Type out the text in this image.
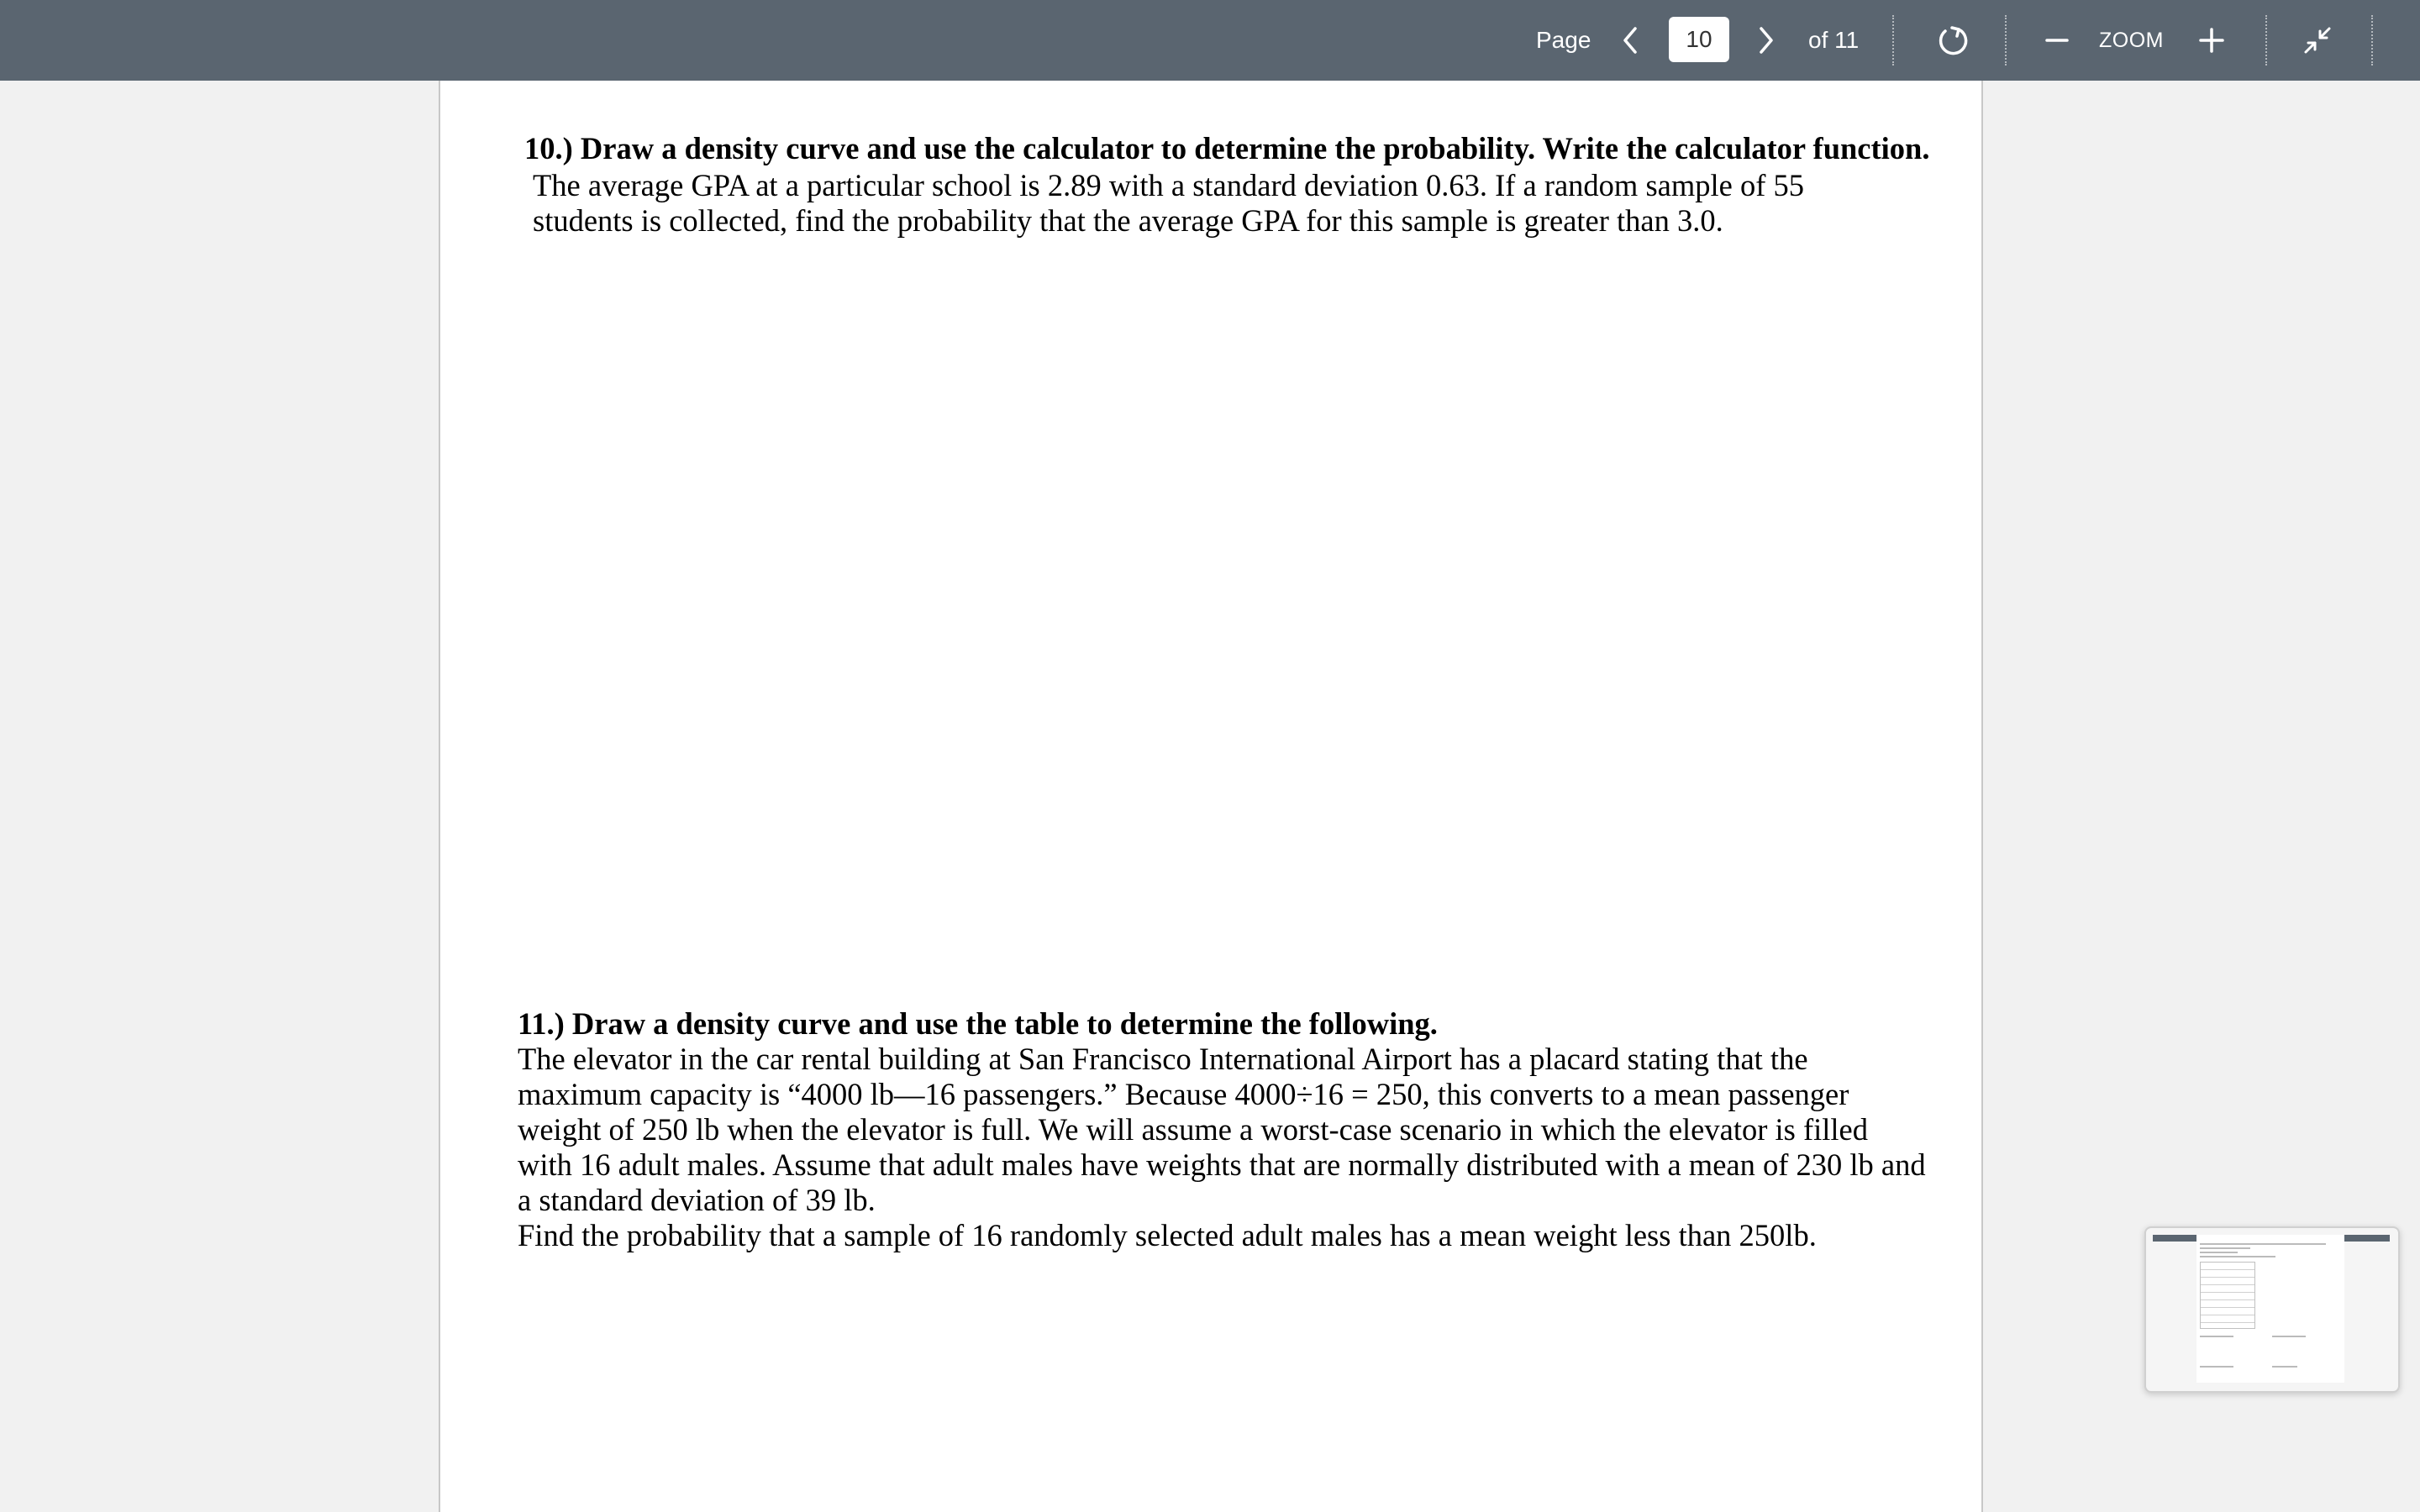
Page
10	of 11	ZOOM
10.) Draw a density curve and use the calculator to determine the probability. Write the calculator function.
The average GPA at a particular school is 2.89 with a standard deviation 0.63. If a random sample of 55 students is collected, find the probability that the average GPA for this sample is greater than 3.0.
11.) Draw a density curve and use the table to determine the following.
The elevator in the car rental building at San Francisco International Airport has a placard stating that the maximum capacity is “4000 lb—16 passengers.” Because 4000÷16 = 250, this converts to a mean passenger weight of 250 lb when the elevator is full. We will assume a worst-case scenario in which the elevator is filled with 16 adult males. Assume that adult males have weights that are normally distributed with a mean of 230 lb and a standard deviation of 39 lb.
Find the probability that a sample of 16 randomly selected adult males has a mean weight less than 250lb.
